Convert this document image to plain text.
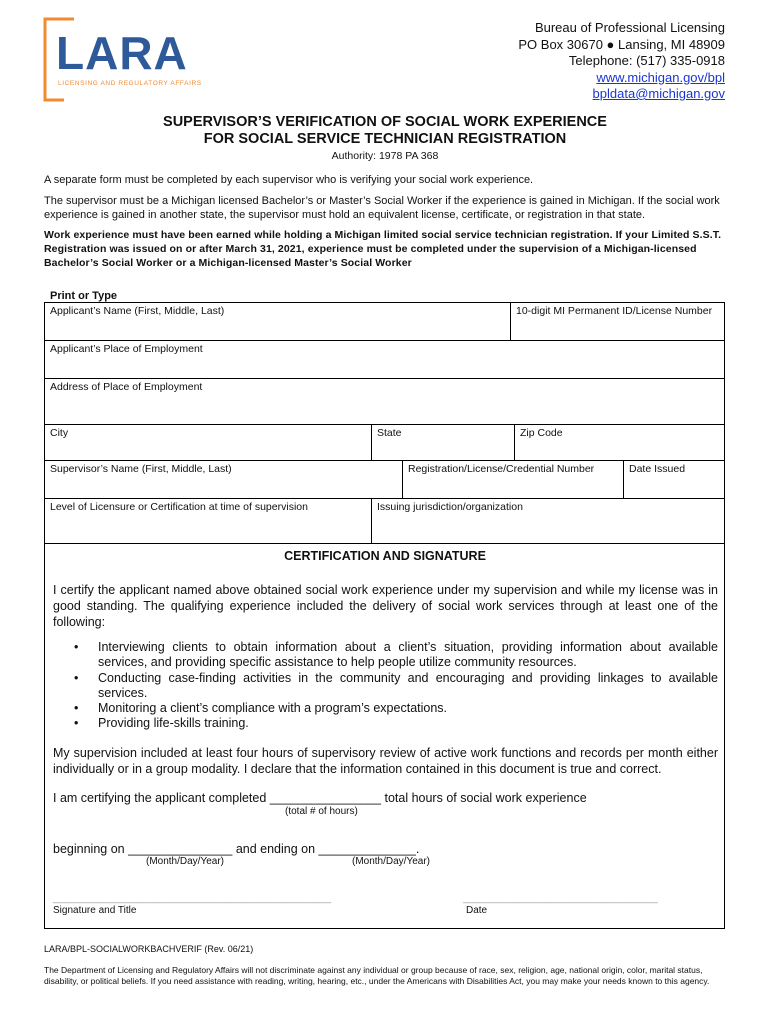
LARA
LICENSING AND REGULATORY AFFAIRS
Bureau of Professional Licensing
PO Box 30670 ● Lansing, MI 48909
Telephone: (517) 335-0918
www.michigan.gov/bpl
bpldata@michigan.gov
SUPERVISOR’S VERIFICATION OF SOCIAL WORK EXPERIENCE
FOR SOCIAL SERVICE TECHNICIAN REGISTRATION
Authority: 1978 PA 368
A separate form must be completed by each supervisor who is verifying your social work experience.
The supervisor must be a Michigan licensed Bachelor’s or Master’s Social Worker if the experience is gained in Michigan. If the social work experience is gained in another state, the supervisor must hold an equivalent license, certificate, or registration in that state.
Work experience must have been earned while holding a Michigan limited social service technician registration. If your Limited S.S.T. Registration was issued on or after March 31, 2021, experience must be completed under the supervision of a Michigan-licensed Bachelor’s Social Worker or a Michigan-licensed Master’s Social Worker
Print or Type
Applicant’s Name (First, Middle, Last)	10-digit MI Permanent ID/License Number
Applicant’s Place of Employment
Address of Place of Employment
City	State	Zip Code
Supervisor’s Name (First, Middle, Last)	Registration/License/Credential Number	Date Issued
Level of Licensure or Certification at time of supervision	Issuing jurisdiction/organization
CERTIFICATION AND SIGNATURE
I certify the applicant named above obtained social work experience under my supervision and while my license was in good standing. The qualifying experience included the delivery of social work services through at least one of the following:
• Interviewing clients to obtain information about a client’s situation, providing information about available services, and providing specific assistance to help people utilize community resources.
• Conducting case-finding activities in the community and encouraging and providing linkages to available services.
• Monitoring a client’s compliance with a program’s expectations.
• Providing life-skills training.
My supervision included at least four hours of supervisory review of active work functions and records per month either individually or in a group modality. I declare that the information contained in this document is true and correct.
I am certifying the applicant completed ________________ total hours of social work experience
(total # of hours)
beginning on _______________ and ending on ______________.
(Month/Day/Year)	(Month/Day/Year)
__________________________________________________
Signature and Title
___________________________________
Date
LARA/BPL-SOCIALWORKBACHVERIF (Rev. 06/21)
The Department of Licensing and Regulatory Affairs will not discriminate against any individual or group because of race, sex, religion, age, national origin, color, marital status, disability, or political beliefs. If you need assistance with reading, writing, hearing, etc., under the Americans with Disabilities Act, you may make your needs known to this agency.
